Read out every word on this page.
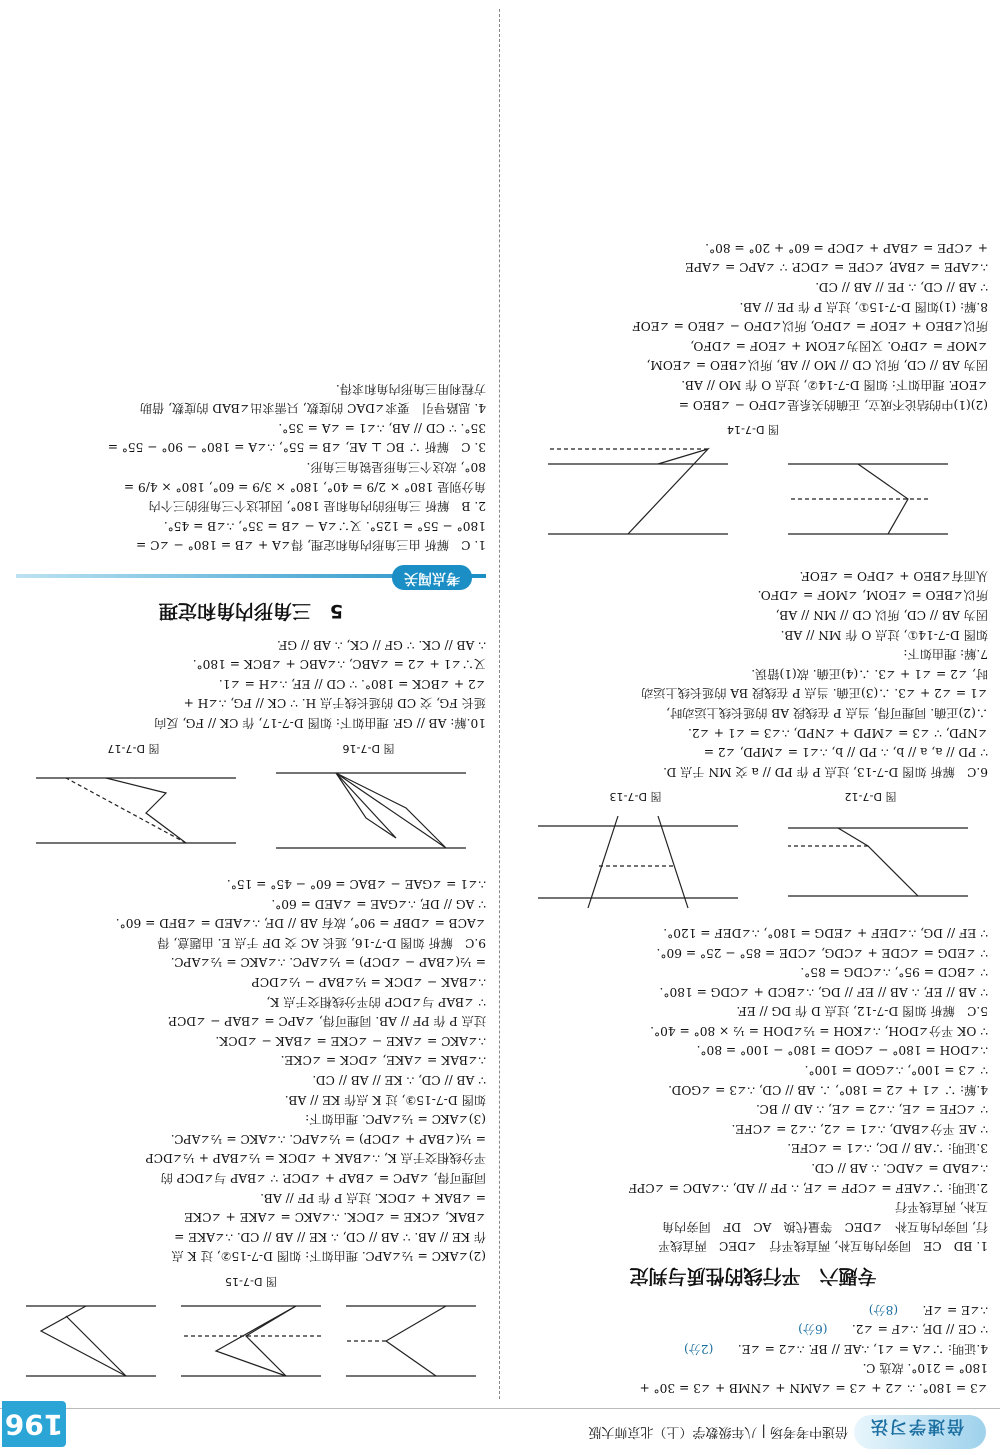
倍速学习法
倍速中考考场 | 八年级数学（上）北京师大版
196

∠3 = 180°. ∴ ∠2 + ∠3 = ∠AMN + ∠NMB + ∠3 = 30° +

180° = 210°. 故选 C.

4.证明: ∵∠A = ∠1, ∴AE // BF. ∴∠2 = ∠E.　　(2分)

∵ CE // DF, ∴∠F = ∠2.　　(6分)

∴∠E = ∠F.　　(8分)

专题六　平行线的性质与判定

1. BD　CE　同旁内角互补, 两直线平行　∠DEC　两直线平

行, 同旁内角互补　∠DEC　等量代换　AC　DF　同旁内角

互补, 两直线平行

2.证明: ∵∠AEF = ∠CPF = ∠F, ∴ PF // AD, ∴∠ADC = ∠CPF

∴∠BAD = ∠ADC. ∴ AB // CD.

3.证明: ∵AB // DC, ∴∠1 = ∠CFE.

∵ AE 平分∠BAD, ∴∠1 = ∠2, ∴∠2 = ∠CFE.

∵ ∠CFE = ∠E, ∴∠2 = ∠E, ∴ AD // BC.

4.解: ∵ ∠1 + ∠2 = 180°, ∴ AB // CD, ∴∠3 = ∠GOD.

∵ ∠3 = 100°, ∴∠GOD = 100°.

∴∠DOH = 180° − ∠GOD = 180° − 100° = 80°.

∵ OK 平分∠DOH, ∴∠KOH = ½∠DOH = ½ × 80° = 40°.

5.C　解析 如图 D-7-12, 过点 D 作 DG // EF.

∵ AB // EF, ∴ AB // EF // DG, ∴∠BCD + ∠CDG = 180°.

∵ ∠BCD = 95°, ∴∠CDG = 85°.

∵ ∠EDG = ∠CDE + ∠CDG, ∠CDE = 85° − 25° = 60°.

∵ EF // DG, ∴∠DEF + ∠EDG = 180°, ∴∠DEF = 120°.

图 D-7-12
图 D-7-13

6.C　解析 如图 D-7-13, 过点 P 作 PD // a 交 MN 于点 D.

∵ PD // a, a // b, ∴ PD // b, ∴∠1 = ∠MPD, ∠2 =

∠NPD, ∵ ∠3 = ∠MPD + ∠NPD, ∴∠3 = ∠1 + ∠2.

∴(2)正确. 同理可得, 当点 P 在线段 AB 的延长线上运动时,

∠1 = ∠2 + ∠3. ∴(3)正确. 当点 P 在线段 BA 的延长线上运动

时, ∠2 = ∠1 + ∠3. ∴(4)正确. 故(1)错误.

7.解: 理由如下:

如图 D-7-14①, 过点 O 作 MN // AB.

因为 AB // CD, 所以 CD // MN // AB,

所以∠BEO = ∠EOM, ∠MOF = ∠DFO.

从而有∠BEO + ∠DFO = ∠EOF.

图 D-7-14

(2)(1)中的结论不成立, 正确的关系是∠DFO − ∠BEO =

∠EOF. 理由如下: 如图 D-7-14②, 过点 O 作 MO // AB.

因为 AB // CD, 所以 CD // MO // AB, 所以∠BEO = ∠EOM,

∠MOF = ∠DFO. 又因为∠EOM + ∠EOF = ∠DFO,

所以∠BEO + ∠EOF = ∠DFO, 所以∠DFO − ∠BEO = ∠EOF

8.解: (1)如图 D-7-15①, 过点 P 作 PE // AB.

∵ AB // CD, ∴ PE // AB // CD.

∴∠APE = ∠BAP, ∠CPE = ∠DCP. ∵ ∠APC = ∠APE

+ ∠CPE = ∠BAP + ∠DCP = 60° + 20° = 80°.

图 D-7-15

(2)∠AKC = ½∠APC. 理由如下: 如图 D-7-15②, 过 K 点

作 KE // AB. ∵ AB // CD, ∴ KE // AB // CD. ∴∠AKE =

∠BAK, ∠CKE = ∠DCK. ∴∠AKC = ∠AKE + ∠CKE

= ∠BAK + ∠DCK. 过点 P 作 PF // AB.

同理可得, ∠APC = ∠BAP + ∠DCP. ∵ ∠BAP 与∠DCP 的

平分线相交于点 K, ∴∠BAK + ∠DCK = ½∠BAP + ½∠DCP

= ½(∠BAP + ∠DCP) = ½∠APC. ∴∠AKC = ½∠APC.

(3)∠AKC = ½∠APC. 理由如下:

如图 D-7-15③, 过 K 点作 KE // AB.

∵ AB // CD, ∴ KE // AB // CD.

∴∠BAK = ∠AKE, ∠DCK = ∠CKE.

∴∠AKC = ∠AKE − ∠CKE = ∠BAK − ∠DCK.

过点 P 作 PF // AB. 同理可得, ∠APC = ∠BAP − ∠DCP.

∵ ∠BAP 与∠DCP 的平分线相交于点 K,

∴∠BAK − ∠DCK = ½∠BAP − ½∠DCP

= ½(∠BAP − ∠DCP) = ½∠APC. ∴∠AKC = ½∠APC.

9.C　解析 如图 D-7-16, 延长 AC 交 DF 于点 E. 由题意, 得

∠ACB = ∠DBF = 90°, 故有 AB // DF, ∴∠AED = ∠BFD = 60°.

∵ AG // DF, ∴∠GAE = ∠AED = 60°.

∴∠1 = ∠GAE − ∠BAC = 60° − 45° = 15°.

图 D-7-16
图 D-7-17

10.解: AB // GF. 理由如下: 如图 D-7-17, 作 CK // FG, 反向

延长 FG, 交 CD 的延长线于点 H. ∵ CK // FG, ∴∠H +

∠2 + ∠BCK = 180°. ∵ CD // EF, ∴∠H = ∠1.

又∵∠1 + ∠2 = ∠ABC, ∴∠ABC + ∠BCK = 180°.

∴ AB // CK. ∵ GF // CK, ∴ AB // GF.

5　三角形内角和定理
考点闯关

1. C　解析 由三角形内角和定理, 得∠A + ∠B = 180° − ∠C =

180° − 55° = 125°. 又∵∠A − ∠B = 35°, ∴∠B = 45°.

2. B　解析 三角形的内角和是 180°, 因此这个三角形的三个内

角分别是 180° × 2/9 = 40°, 180° × 3/9 = 60°, 180° × 4/9 =

80°, 故这个三角形是锐角三角形.

3. C　解析 ∵ BC ⊥ AE, ∠B = 55°, ∴∠A = 180° − 90° − 55° =

35°. ∵ CD // AB, ∴∠1 = ∠A = 35°.

4. 思路导引　要求∠DAC 的度数, 只需求出∠BAD 的度数, 借助

方程利用三角形内角和求得.
